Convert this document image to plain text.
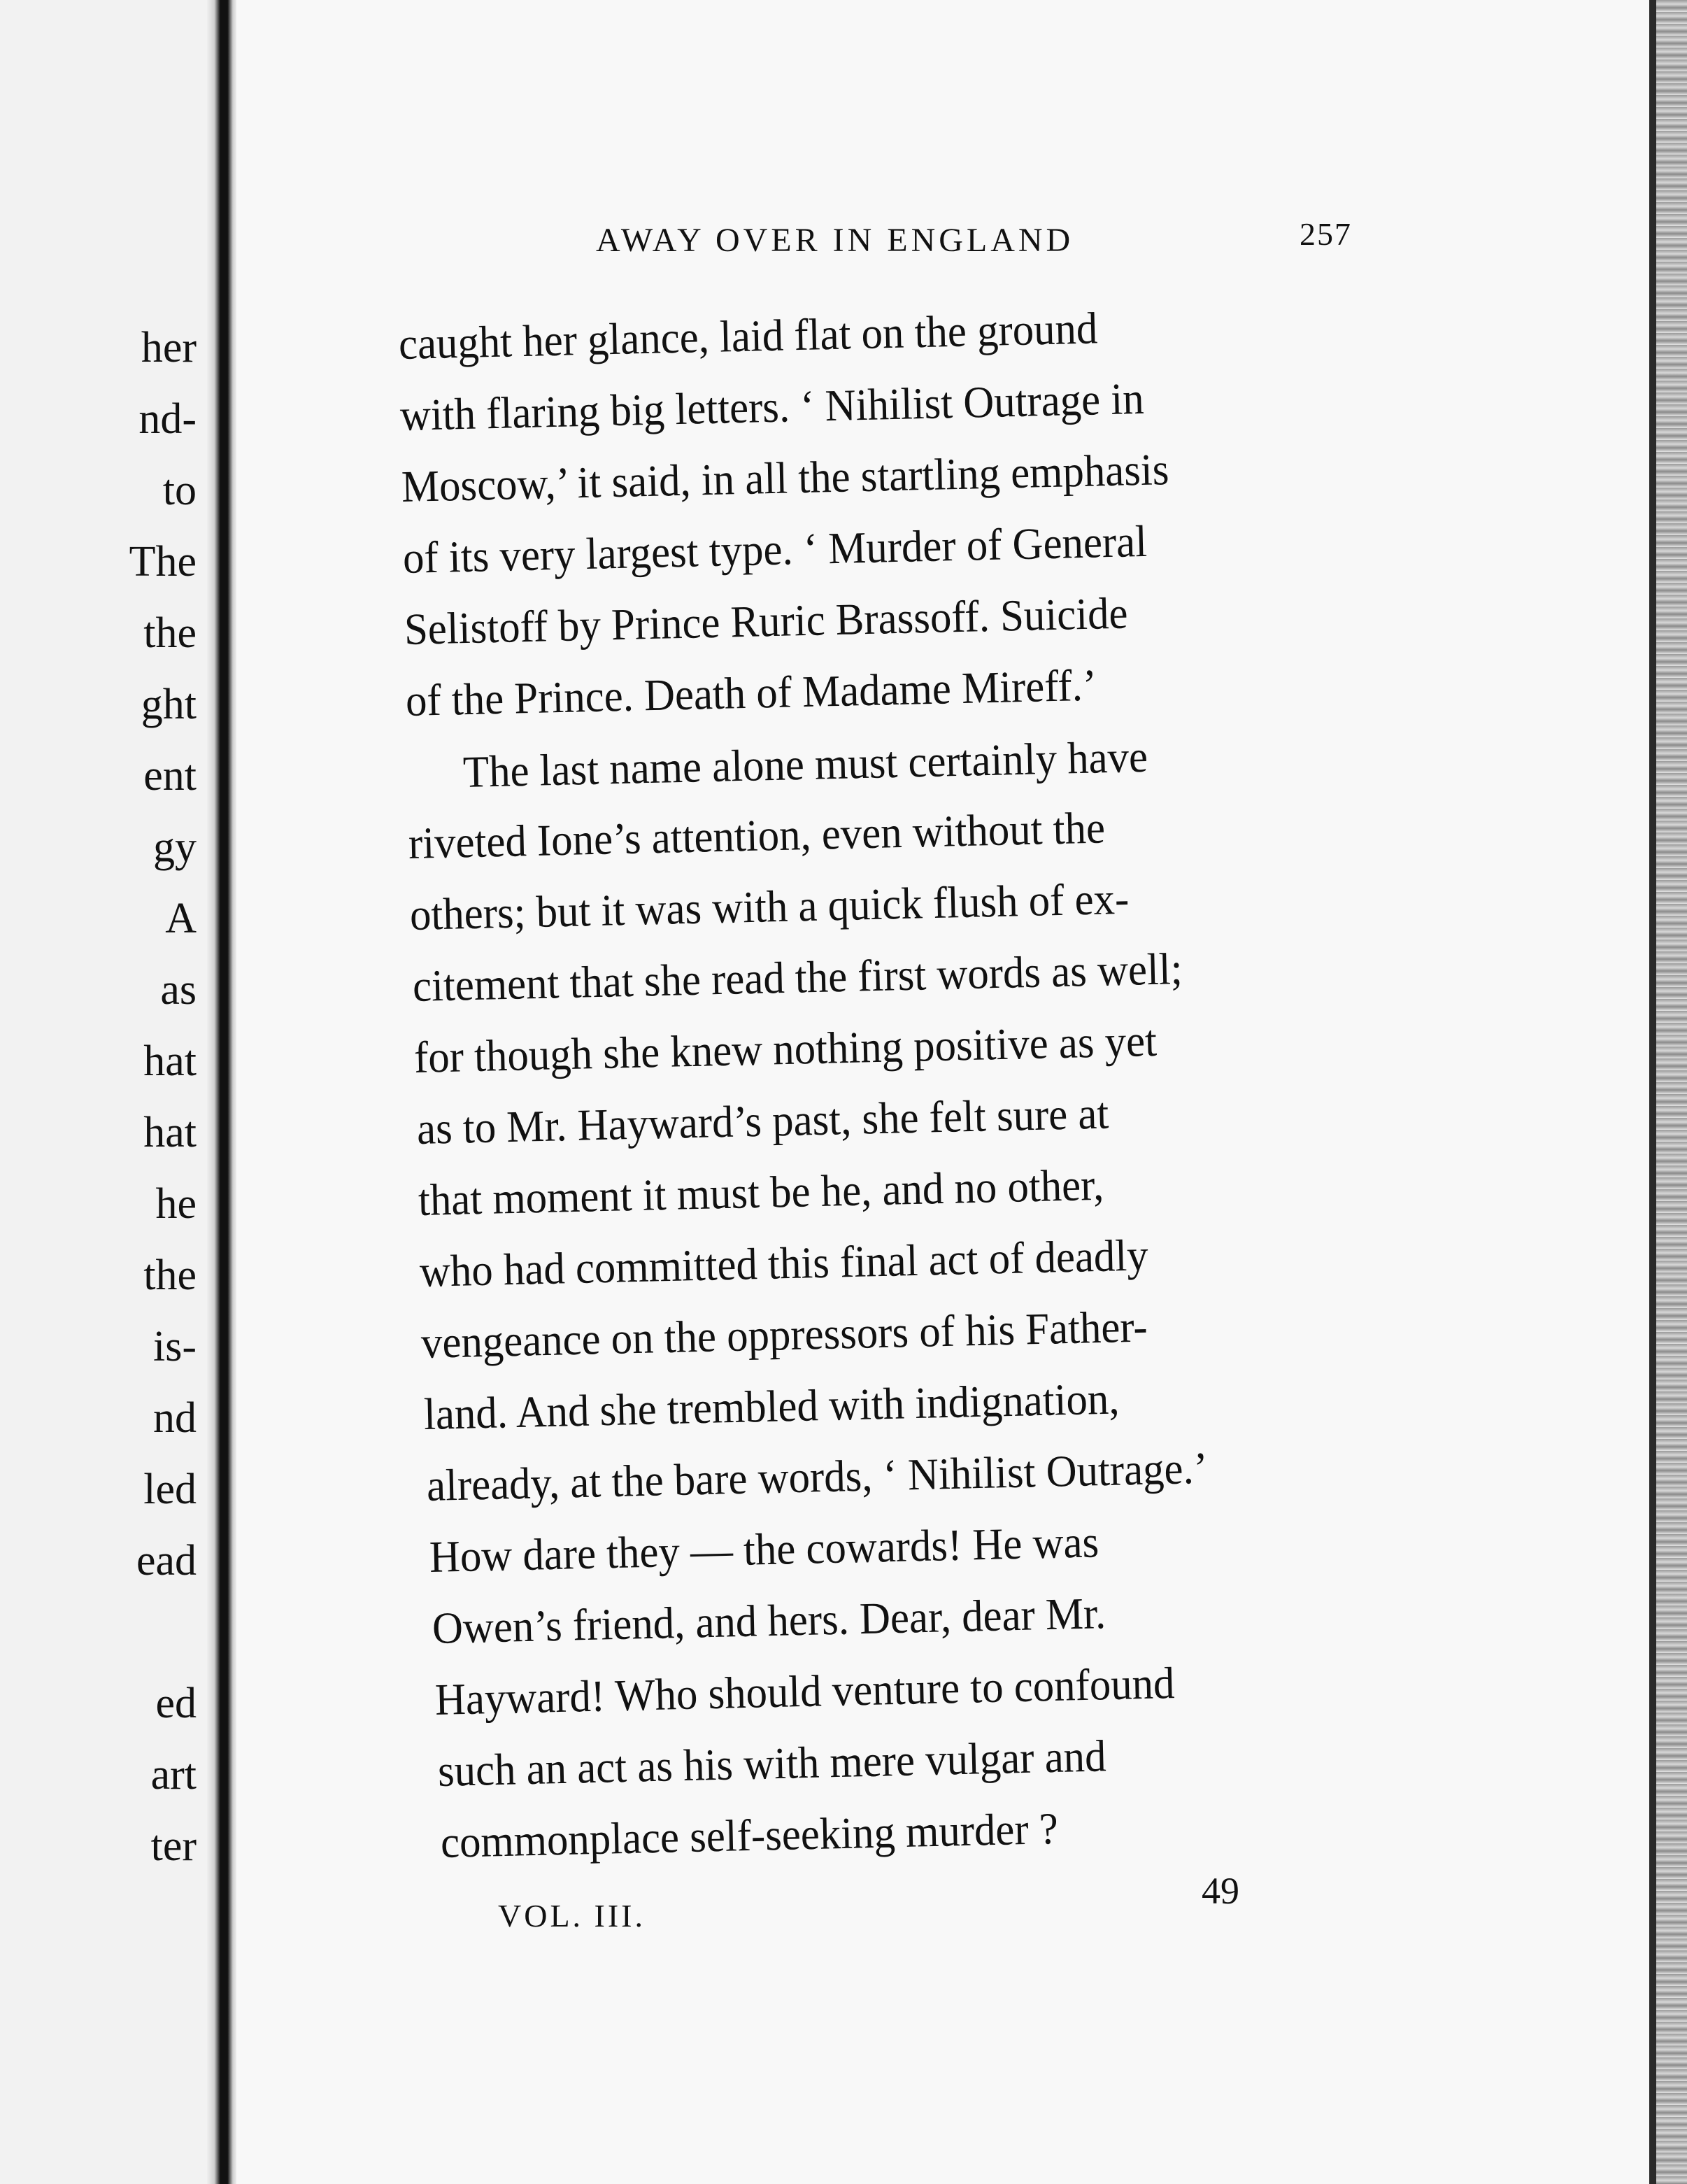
her
nd-
to
The
the
ght
ent
gy
A
as
hat
hat
he
the
is-
nd
led
ead
ed
art
ter
AWAY OVER IN ENGLAND	257
caught her glance, laid flat on the ground
with flaring big letters. ‘ Nihilist Outrage in
Moscow,’ it said, in all the startling emphasis
of its very largest type. ‘ Murder of General
Selistoff by Prince Ruric Brassoff. Suicide
of the Prince. Death of Madame Mireff.’
The last name alone must certainly have
riveted Ione’s attention, even without the
others; but it was with a quick flush of ex-
citement that she read the first words as well;
for though she knew nothing positive as yet
as to Mr. Hayward’s past, she felt sure at
that moment it must be he, and no other,
who had committed this final act of deadly
vengeance on the oppressors of his Father-
land. And she trembled with indignation,
already, at the bare words, ‘ Nihilist Outrage.’
How dare they — the cowards! He was
Owen’s friend, and hers. Dear, dear Mr.
Hayward! Who should venture to confound
such an act as his with mere vulgar and
commonplace self-seeking murder ?
VOL. III.
49
